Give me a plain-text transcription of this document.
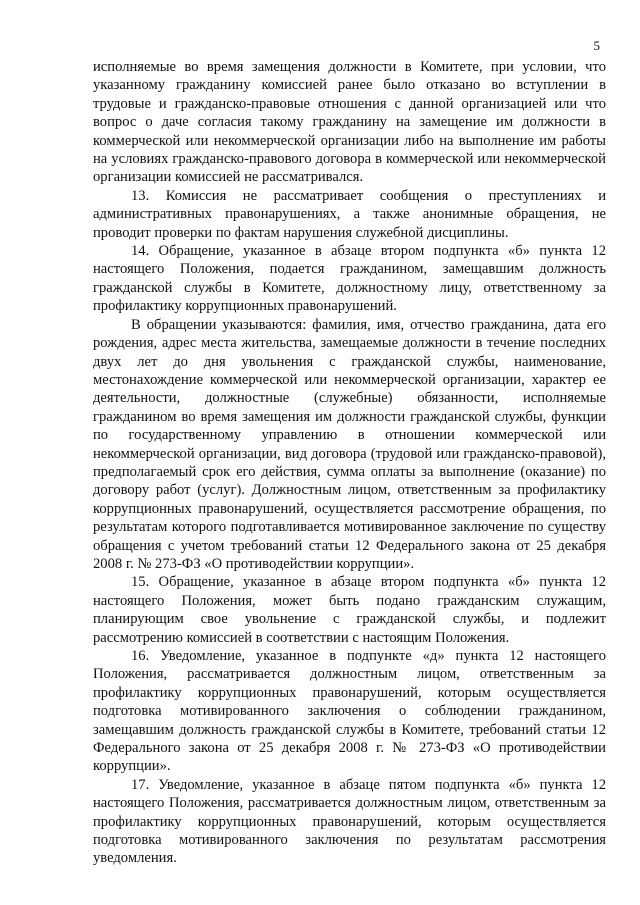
5

исполняемые во время замещения должности в Комитете, при условии, что указанному гражданину комиссией ранее было отказано во вступлении в трудовые и гражданско-правовые отношения с данной организацией или что вопрос о даче согласия такому гражданину на замещение им должности в коммерческой или некоммерческой организации либо на выполнение им работы на условиях гражданско-правового договора в коммерческой или некоммерческой организации комиссией не рассматривался.

13. Комиссия не рассматривает сообщения о преступлениях и административных правонарушениях, а также анонимные обращения, не проводит проверки по фактам нарушения служебной дисциплины.

14. Обращение, указанное в абзаце втором подпункта «б» пункта 12 настоящего Положения, подается гражданином, замещавшим должность гражданской службы в Комитете, должностному лицу, ответственному за профилактику коррупционных правонарушений.

В обращении указываются: фамилия, имя, отчество гражданина, дата его рождения, адрес места жительства, замещаемые должности в течение последних двух лет до дня увольнения с гражданской службы, наименование, местонахождение коммерческой или некоммерческой организации, характер ее деятельности, должностные (служебные) обязанности, исполняемые гражданином во время замещения им должности гражданской службы, функции по государственному управлению в отношении коммерческой или некоммерческой организации, вид договора (трудовой или гражданско-правовой), предполагаемый срок его действия, сумма оплаты за выполнение (оказание) по договору работ (услуг). Должностным лицом, ответственным за профилактику коррупционных правонарушений, осуществляется рассмотрение обращения, по результатам которого подготавливается мотивированное заключение по существу обращения с учетом требований статьи 12 Федерального закона от 25 декабря 2008 г. № 273-ФЗ «О противодействии коррупции».

15. Обращение, указанное в абзаце втором подпункта «б» пункта 12 настоящего Положения, может быть подано гражданским служащим, планирующим свое увольнение с гражданской службы, и подлежит рассмотрению комиссией в соответствии с настоящим Положения.

16. Уведомление, указанное в подпункте «д» пункта 12 настоящего Положения, рассматривается должностным лицом, ответственным за профилактику коррупционных правонарушений, которым осуществляется подготовка мотивированного заключения о соблюдении гражданином, замещавшим должность гражданской службы в Комитете, требований статьи 12 Федерального закона от 25 декабря 2008 г. № 273-ФЗ «О противодействии коррупции».

17. Уведомление, указанное в абзаце пятом подпункта «б» пункта 12 настоящего Положения, рассматривается должностным лицом, ответственным за профилактику коррупционных правонарушений, которым осуществляется подготовка мотивированного заключения по результатам рассмотрения уведомления.
